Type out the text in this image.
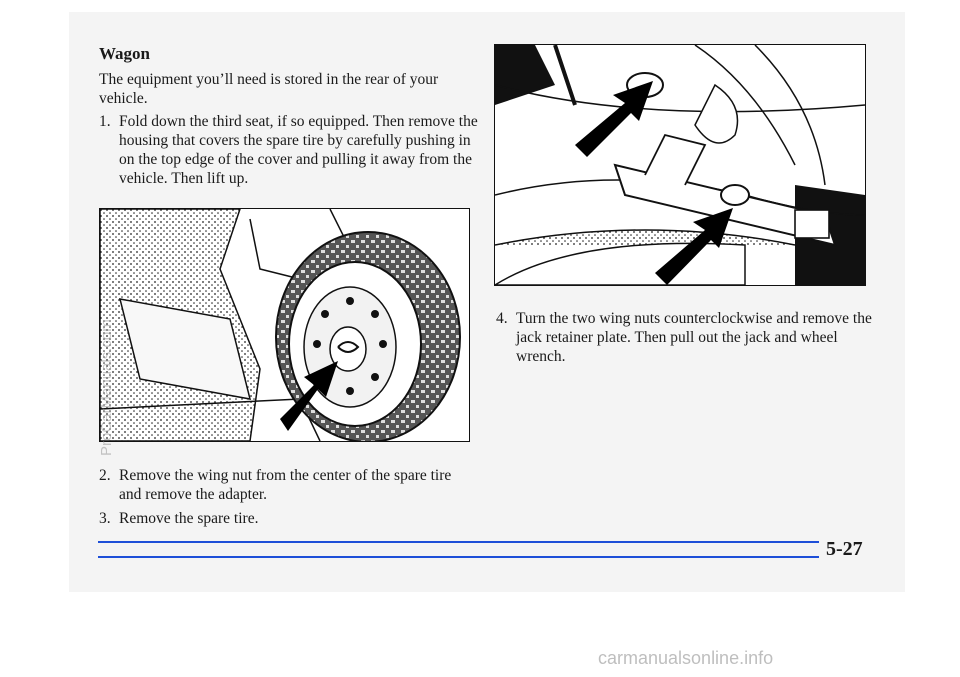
Wagon
The equipment you’ll need is stored in the rear of your vehicle.
1. Fold down the third seat, if so equipped. Then remove the housing that covers the spare tire by carefully pushing in on the top edge of the cover and pulling it away from the vehicle. Then lift up.
2. Remove the wing nut from the center of the spare tire and remove the adapter.
3. Remove the spare tire.
4. Turn the two wing nuts counterclockwise and remove the jack retainer plate. Then pull out the jack and wheel wrench.
5-27
ProCarManuals.com
carmanualsonline.info
